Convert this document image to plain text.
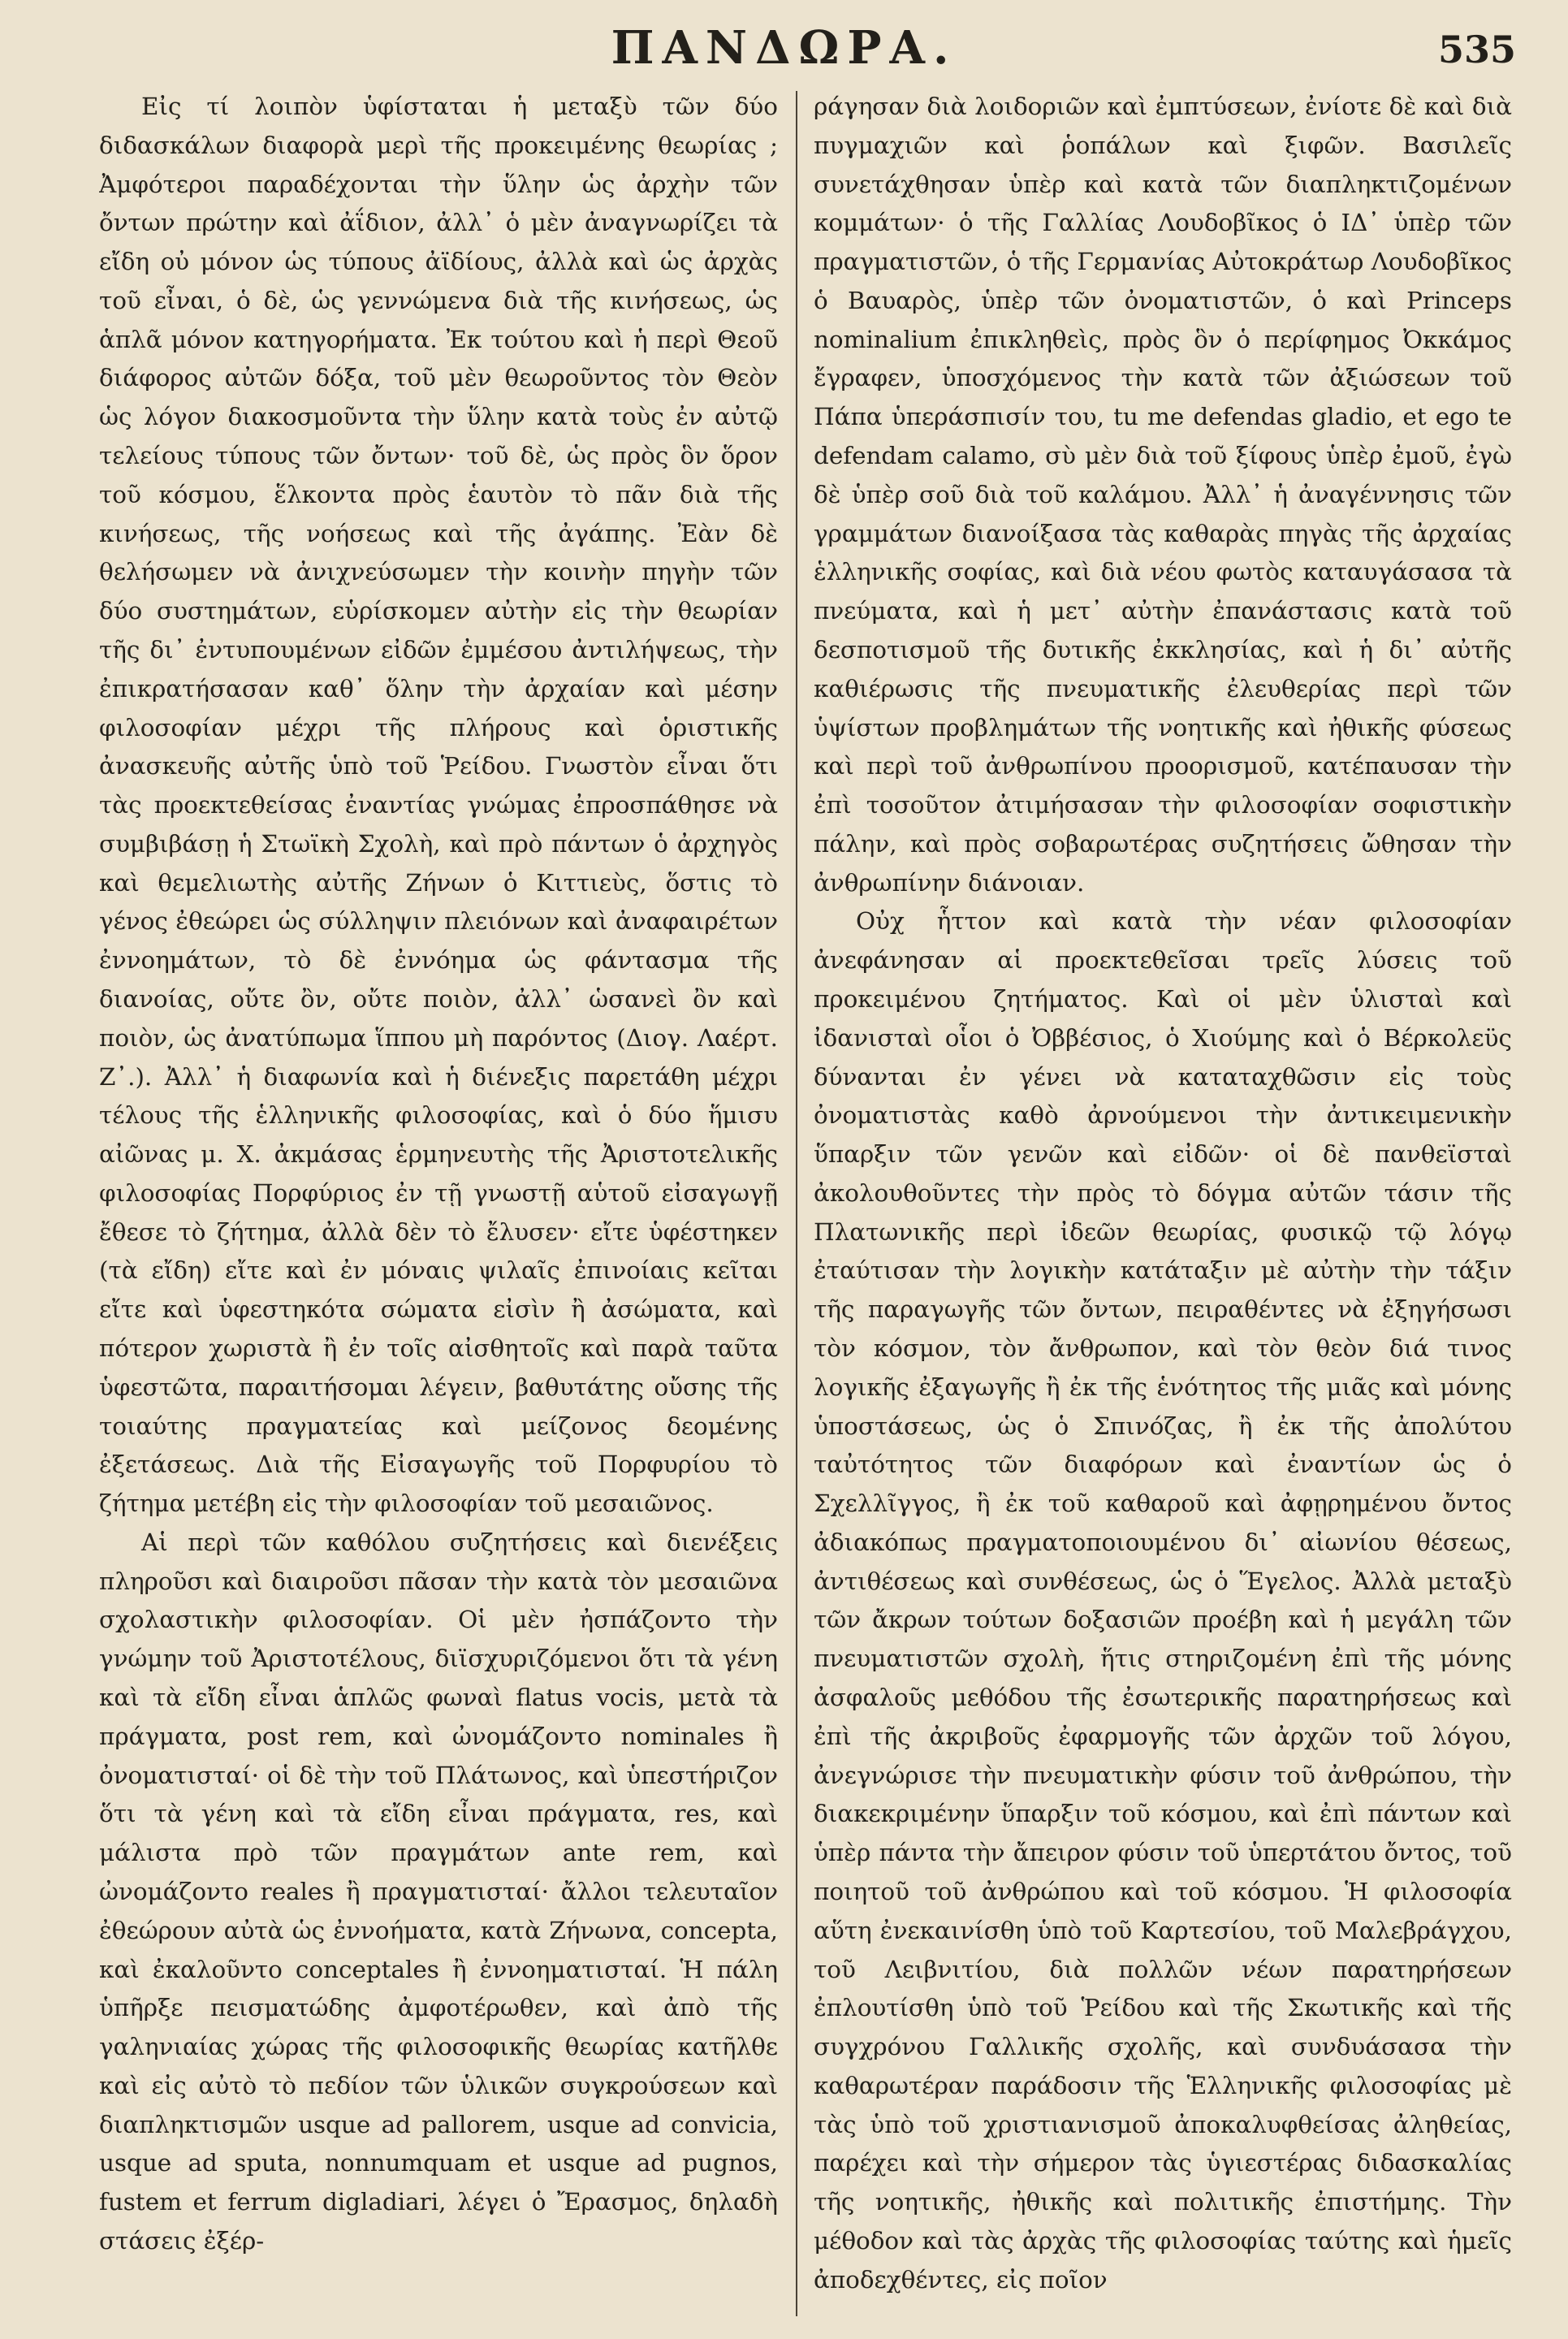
ΠΑΝΔΩΡΑ.	535

Εἰς τί λοιπὸν ὑφίσταται ἡ μεταξὺ τῶν δύο διδασκάλων διαφορὰ μερὶ τῆς προκειμένης θεωρίας ; Ἀμφότεροι παραδέχονται τὴν ὕλην ὡς ἀρχὴν τῶν ὄντων πρώτην καὶ ἀΐδιον, ἀλλ᾽ ὁ μὲν ἀναγνωρίζει τὰ εἴδη οὐ μόνον ὡς τύπους ἀϊδίους, ἀλλὰ καὶ ὡς ἀρχὰς τοῦ εἶναι, ὁ δὲ, ὡς γεννώμενα διὰ τῆς κινήσεως, ὡς ἁπλᾶ μόνον κατηγορήματα. Ἐκ τούτου καὶ ἡ περὶ Θεοῦ διάφορος αὐτῶν δόξα, τοῦ μὲν θεωροῦντος τὸν Θεὸν ὡς λόγον διακοσμοῦντα τὴν ὕλην κατὰ τοὺς ἐν αὐτῷ τελείους τύπους τῶν ὄντων· τοῦ δὲ, ὡς πρὸς ὃν ὅρον τοῦ κόσμου, ἕλκοντα πρὸς ἑαυτὸν τὸ πᾶν διὰ τῆς κινήσεως, τῆς νοήσεως καὶ τῆς ἀγάπης. Ἐὰν δὲ θελήσωμεν νὰ ἀνιχνεύσωμεν τὴν κοινὴν πηγὴν τῶν δύο συστημάτων, εὑρίσκομεν αὐτὴν εἰς τὴν θεωρίαν τῆς δι᾽ ἐντυπουμένων εἰδῶν ἐμμέσου ἀντιλήψεως, τὴν ἐπικρατήσασαν καθ᾽ ὅλην τὴν ἀρχαίαν καὶ μέσην φιλοσοφίαν μέχρι τῆς πλήρους καὶ ὁριστικῆς ἀνασκευῆς αὐτῆς ὑπὸ τοῦ Ῥείδου. Γνωστὸν εἶναι ὅτι τὰς προεκτεθείσας ἐναντίας γνώμας ἐπροσπάθησε νὰ συμβιβάσῃ ἡ Στωϊκὴ Σχολὴ, καὶ πρὸ πάντων ὁ ἀρχηγὸς καὶ θεμελιωτὴς αὐτῆς Ζήνων ὁ Κιττιεὺς, ὅστις τὸ γένος ἐθεώρει ὡς σύλληψιν πλειόνων καὶ ἀναφαιρέτων ἐννοημάτων, τὸ δὲ ἐννόημα ὡς φάντασμα τῆς διανοίας, οὔτε ὂν, οὔτε ποιὸν, ἀλλ᾽ ὡσανεὶ ὂν καὶ ποιὸν, ὡς ἀνατύπωμα ἵππου μὴ παρόντος (Διογ. Λαέρτ. Ζ᾽.). Ἀλλ᾽ ἡ διαφωνία καὶ ἡ διένεξις παρετάθη μέχρι τέλους τῆς ἑλληνικῆς φιλοσοφίας, καὶ ὁ δύο ἥμισυ αἰῶνας μ. Χ. ἀκμάσας ἑρμηνευτὴς τῆς Ἀριστοτελικῆς φιλοσοφίας Πορφύριος ἐν τῇ γνωστῇ αὑτοῦ εἰσαγωγῇ ἔθεσε τὸ ζήτημα, ἀλλὰ δὲν τὸ ἔλυσεν· εἴτε ὑφέστηκεν (τὰ εἴδη) εἴτε καὶ ἐν μόναις ψιλαῖς ἐπινοίαις κεῖται εἴτε καὶ ὑφεστηκότα σώματα εἰσὶν ἢ ἀσώματα, καὶ πότερον χωριστὰ ἢ ἐν τοῖς αἰσθητοῖς καὶ παρὰ ταῦτα ὑφεστῶτα, παραιτήσομαι λέγειν, βαθυτάτης οὔσης τῆς τοιαύτης πραγματείας καὶ μείζονος δεομένης ἐξετάσεως. Διὰ τῆς Εἰσαγωγῆς τοῦ Πορφυρίου τὸ ζήτημα μετέβη εἰς τὴν φιλοσοφίαν τοῦ μεσαιῶνος.

Αἱ περὶ τῶν καθόλου συζητήσεις καὶ διενέξεις πληροῦσι καὶ διαιροῦσι πᾶσαν τὴν κατὰ τὸν μεσαιῶνα σχολαστικὴν φιλοσοφίαν. Οἱ μὲν ἠσπάζοντο τὴν γνώμην τοῦ Ἀριστοτέλους, διϊσχυριζόμενοι ὅτι τὰ γένη καὶ τὰ εἴδη εἶναι ἁπλῶς φωναὶ flatus vocis, μετὰ τὰ πράγματα, post rem, καὶ ὠνομάζοντο nominales ἢ ὀνοματισταί· οἱ δὲ τὴν τοῦ Πλάτωνος, καὶ ὑπεστήριζον ὅτι τὰ γένη καὶ τὰ εἴδη εἶναι πράγματα, res, καὶ μάλιστα πρὸ τῶν πραγμάτων ante rem, καὶ ὠνομάζοντο reales ἢ πραγματισταί· ἄλλοι τελευταῖον ἐθεώρουν αὐτὰ ὡς ἐννοήματα, κατὰ Ζήνωνα, concepta, καὶ ἐκαλοῦντο conceptales ἢ ἐννοηματισταί. Ἡ πάλη ὑπῆρξε πεισματώδης ἀμφοτέρωθεν, καὶ ἀπὸ τῆς γαληνιαίας χώρας τῆς φιλοσοφικῆς θεωρίας κατῆλθε καὶ εἰς αὐτὸ τὸ πεδίον τῶν ὑλικῶν συγκρούσεων καὶ διαπληκτισμῶν usque ad pallorem, usque ad convicia, usque ad sputa, nonnumquam et usque ad pugnos, fustem et ferrum digladiari, λέγει ὁ Ἔρασμος, δηλαδὴ στάσεις ἐξέρ-

ράγησαν διὰ λοιδοριῶν καὶ ἐμπτύσεων, ἐνίοτε δὲ καὶ διὰ πυγμαχιῶν καὶ ῥοπάλων καὶ ξιφῶν. Βασιλεῖς συνετάχθησαν ὑπὲρ καὶ κατὰ τῶν διαπληκτιζομένων κομμάτων· ὁ τῆς Γαλλίας Λουδοβῖκος ὁ ΙΔ᾽ ὑπὲρ τῶν πραγματιστῶν, ὁ τῆς Γερμανίας Αὐτοκράτωρ Λουδοβῖκος ὁ Βαυαρὸς, ὑπὲρ τῶν ὀνοματιστῶν, ὁ καὶ Princeps nominalium ἐπικληθεὶς, πρὸς ὃν ὁ περίφημος Ὀκκάμος ἔγραφεν, ὑποσχόμενος τὴν κατὰ τῶν ἀξιώσεων τοῦ Πάπα ὑπεράσπισίν του, tu me defendas gladio, et ego te defendam calamo, σὺ μὲν διὰ τοῦ ξίφους ὑπὲρ ἐμοῦ, ἐγὼ δὲ ὑπὲρ σοῦ διὰ τοῦ καλάμου. Ἀλλ᾽ ἡ ἀναγέννησις τῶν γραμμάτων διανοίξασα τὰς καθαρὰς πηγὰς τῆς ἀρχαίας ἑλληνικῆς σοφίας, καὶ διὰ νέου φωτὸς καταυγάσασα τὰ πνεύματα, καὶ ἡ μετ᾽ αὐτὴν ἐπανάστασις κατὰ τοῦ δεσποτισμοῦ τῆς δυτικῆς ἐκκλησίας, καὶ ἡ δι᾽ αὐτῆς καθιέρωσις τῆς πνευματικῆς ἐλευθερίας περὶ τῶν ὑψίστων προβλημάτων τῆς νοητικῆς καὶ ἠθικῆς φύσεως καὶ περὶ τοῦ ἀνθρωπίνου προορισμοῦ, κατέπαυσαν τὴν ἐπὶ τοσοῦτον ἀτιμήσασαν τὴν φιλοσοφίαν σοφιστικὴν πάλην, καὶ πρὸς σοβαρωτέρας συζητήσεις ὤθησαν τὴν ἀνθρωπίνην διάνοιαν.

Οὐχ ἧττον καὶ κατὰ τὴν νέαν φιλοσοφίαν ἀνεφάνησαν αἱ προεκτεθεῖσαι τρεῖς λύσεις τοῦ προκειμένου ζητήματος. Καὶ οἱ μὲν ὑλισταὶ καὶ ἰδανισταὶ οἷοι ὁ Ὀββέσιος, ὁ Χιούμης καὶ ὁ Βέρκολεϋς δύνανται ἐν γένει νὰ καταταχθῶσιν εἰς τοὺς ὀνοματιστὰς καθὸ ἀρνούμενοι τὴν ἀντικειμενικὴν ὕπαρξιν τῶν γενῶν καὶ εἰδῶν· οἱ δὲ πανθεϊσταὶ ἀκολουθοῦντες τὴν πρὸς τὸ δόγμα αὐτῶν τάσιν τῆς Πλατωνικῆς περὶ ἰδεῶν θεωρίας, φυσικῷ τῷ λόγῳ ἐταύτισαν τὴν λογικὴν κατάταξιν μὲ αὐτὴν τὴν τάξιν τῆς παραγωγῆς τῶν ὄντων, πειραθέντες νὰ ἐξηγήσωσι τὸν κόσμον, τὸν ἄνθρωπον, καὶ τὸν θεὸν διά τινος λογικῆς ἐξαγωγῆς ἢ ἐκ τῆς ἑνότητος τῆς μιᾶς καὶ μόνης ὑποστάσεως, ὡς ὁ Σπινόζας, ἢ ἐκ τῆς ἀπολύτου ταὐτότητος τῶν διαφόρων καὶ ἐναντίων ὡς ὁ Σχελλῖγγος, ἢ ἐκ τοῦ καθαροῦ καὶ ἀφῃρημένου ὄντος ἀδιακόπως πραγματοποιουμένου δι᾽ αἰωνίου θέσεως, ἀντιθέσεως καὶ συνθέσεως, ὡς ὁ Ἕγελος. Ἀλλὰ μεταξὺ τῶν ἄκρων τούτων δοξασιῶν προέβη καὶ ἡ μεγάλη τῶν πνευματιστῶν σχολὴ, ἥτις στηριζομένη ἐπὶ τῆς μόνης ἀσφαλοῦς μεθόδου τῆς ἐσωτερικῆς παρατηρήσεως καὶ ἐπὶ τῆς ἀκριβοῦς ἐφαρμογῆς τῶν ἀρχῶν τοῦ λόγου, ἀνεγνώρισε τὴν πνευματικὴν φύσιν τοῦ ἀνθρώπου, τὴν διακεκριμένην ὕπαρξιν τοῦ κόσμου, καὶ ἐπὶ πάντων καὶ ὑπὲρ πάντα τὴν ἄπειρον φύσιν τοῦ ὑπερτάτου ὄντος, τοῦ ποιητοῦ τοῦ ἀνθρώπου καὶ τοῦ κόσμου. Ἡ φιλοσοφία αὕτη ἐνεκαινίσθη ὑπὸ τοῦ Καρτεσίου, τοῦ Μαλεβράγχου, τοῦ Λειβνιτίου, διὰ πολλῶν νέων παρατηρήσεων ἐπλουτίσθη ὑπὸ τοῦ Ῥείδου καὶ τῆς Σκωτικῆς καὶ τῆς συγχρόνου Γαλλικῆς σχολῆς, καὶ συνδυάσασα τὴν καθαρωτέραν παράδοσιν τῆς Ἑλληνικῆς φιλοσοφίας μὲ τὰς ὑπὸ τοῦ χριστιανισμοῦ ἀποκαλυφθείσας ἀληθείας, παρέχει καὶ τὴν σήμερον τὰς ὑγιεστέρας διδασκαλίας τῆς νοητικῆς, ἠθικῆς καὶ πολιτικῆς ἐπιστήμης. Τὴν μέθοδον καὶ τὰς ἀρχὰς τῆς φιλοσοφίας ταύτης καὶ ἡμεῖς ἀποδεχθέντες, εἰς ποῖον
